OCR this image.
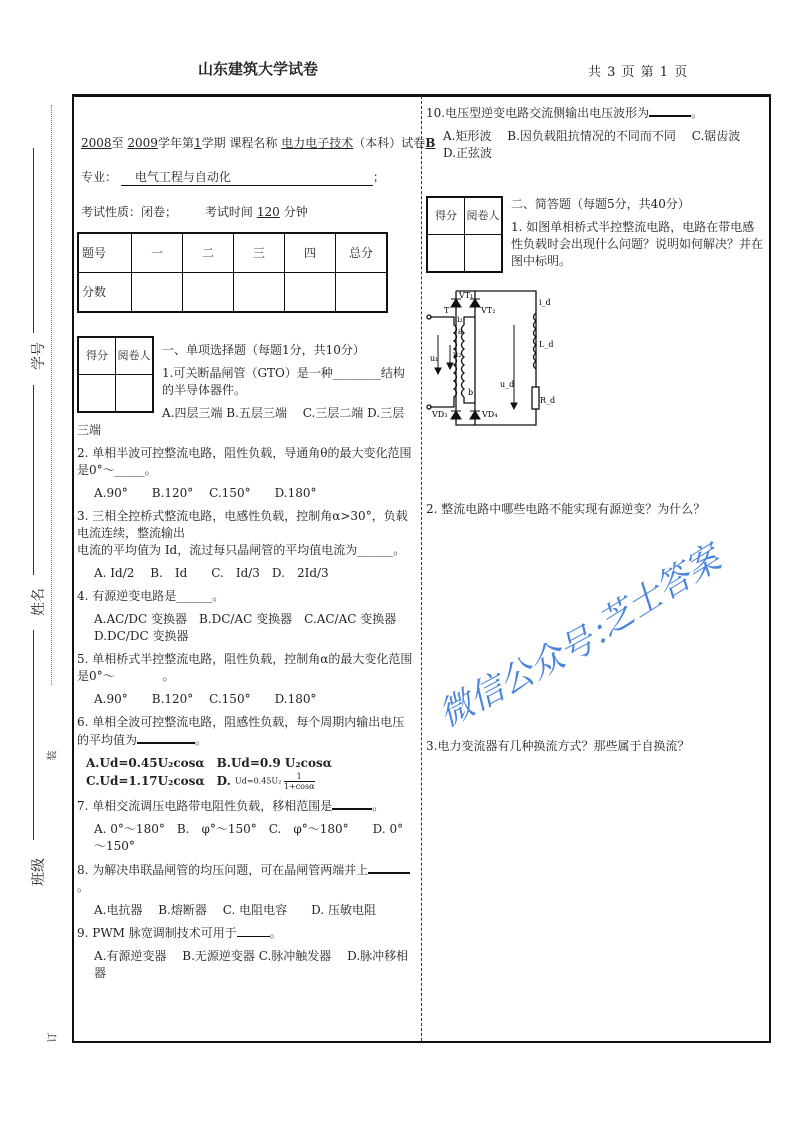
山东建筑大学试卷	共 3 页 第 1 页
学号
姓名
班级
装
订
2008至 2009学年第1学期 课程名称 电力电子技术（本科）试卷B
专业： 电气工程与自动化	；
考试性质：闭卷； 考试时间 120 分钟
题号	一	二	三	四	总分
分数					
得分	阅卷人
	一、单项选择题（每题1分，共10分）
1.可关断晶闸管（GTO）是一种________结构的半导体器件。
A.四层三端 B.五层三端　 C.三层二端 D.三层三端
2. 单相半波可控整流电路，阻性负载，导通角θ的最大变化范围是0°～_____。
A.90°　　B.120°　 C.150°　　D.180°
3. 三相全控桥式整流电路，电感性负载，控制角α>30°，负载电流连续，整流输出
电流的平均值为 Id，流过每只晶闸管的平均值电流为______。
A. Id/2　 B.　Id　　C.　Id/3　D.　2Id/3
4. 有源逆变电路是______。
A.AC/DC 变换器　B.DC/AC 变换器　C.AC/AC 变换器　 D.DC/DC 变换器
5. 单相桥式半控整流电路，阻性负载，控制角α的最大变化范围是0°～　　　　。
A.90°　　B.120°　 C.150°　　D.180°
6. 单相全波可控整流电路，阻感性负载，每个周期内输出电压的平均值为	。
A.Ud=0.45U₂cosα　B.Ud=0.9 U₂cosα C.Ud=1.17U₂cosα　D. $Ud=0.45U_2 \frac{1}{1+\cos\alpha}$
7. 单相交流调压电路带电阻性负载，移相范围是	。
A. 0°～180°　B.　φ°～150°　C.　φ°～180°　　D. 0°～150°
8. 为解决串联晶闸管的均压问题，可在晶闸管两端并上。
A.电抗器　 B.熔断器　 C. 电阻电容　　D. 压敏电阻
9. PWM 脉宽调制技术可用于	。
A.有源逆变器　 B.无源逆变器 C.脉冲触发器　 D.脉冲移相器
10.电压型逆变电路交流侧输出电压波形为	。
A.矩形波　 B.因负载阻抗情况的不同而不同　 C.锯齿波　　D.正弦波
得分	阅卷人

二、简答题（每题5分，共40分）
1. 如图单相桥式半控整流电路，电路在带电感性负载时会出现什么问题？说明如何解决？并在图中标明。
T
i₂
a
b
VT₁
VT₂
VD₃	VD₄
u₁ u₂
u_d
i_d
L_d
R_d
2. 整流电路中哪些电路不能实现有源逆变？为什么？
3.电力变流器有几种换流方式？那些属于自换流？
微信公众号：
芝士答案
